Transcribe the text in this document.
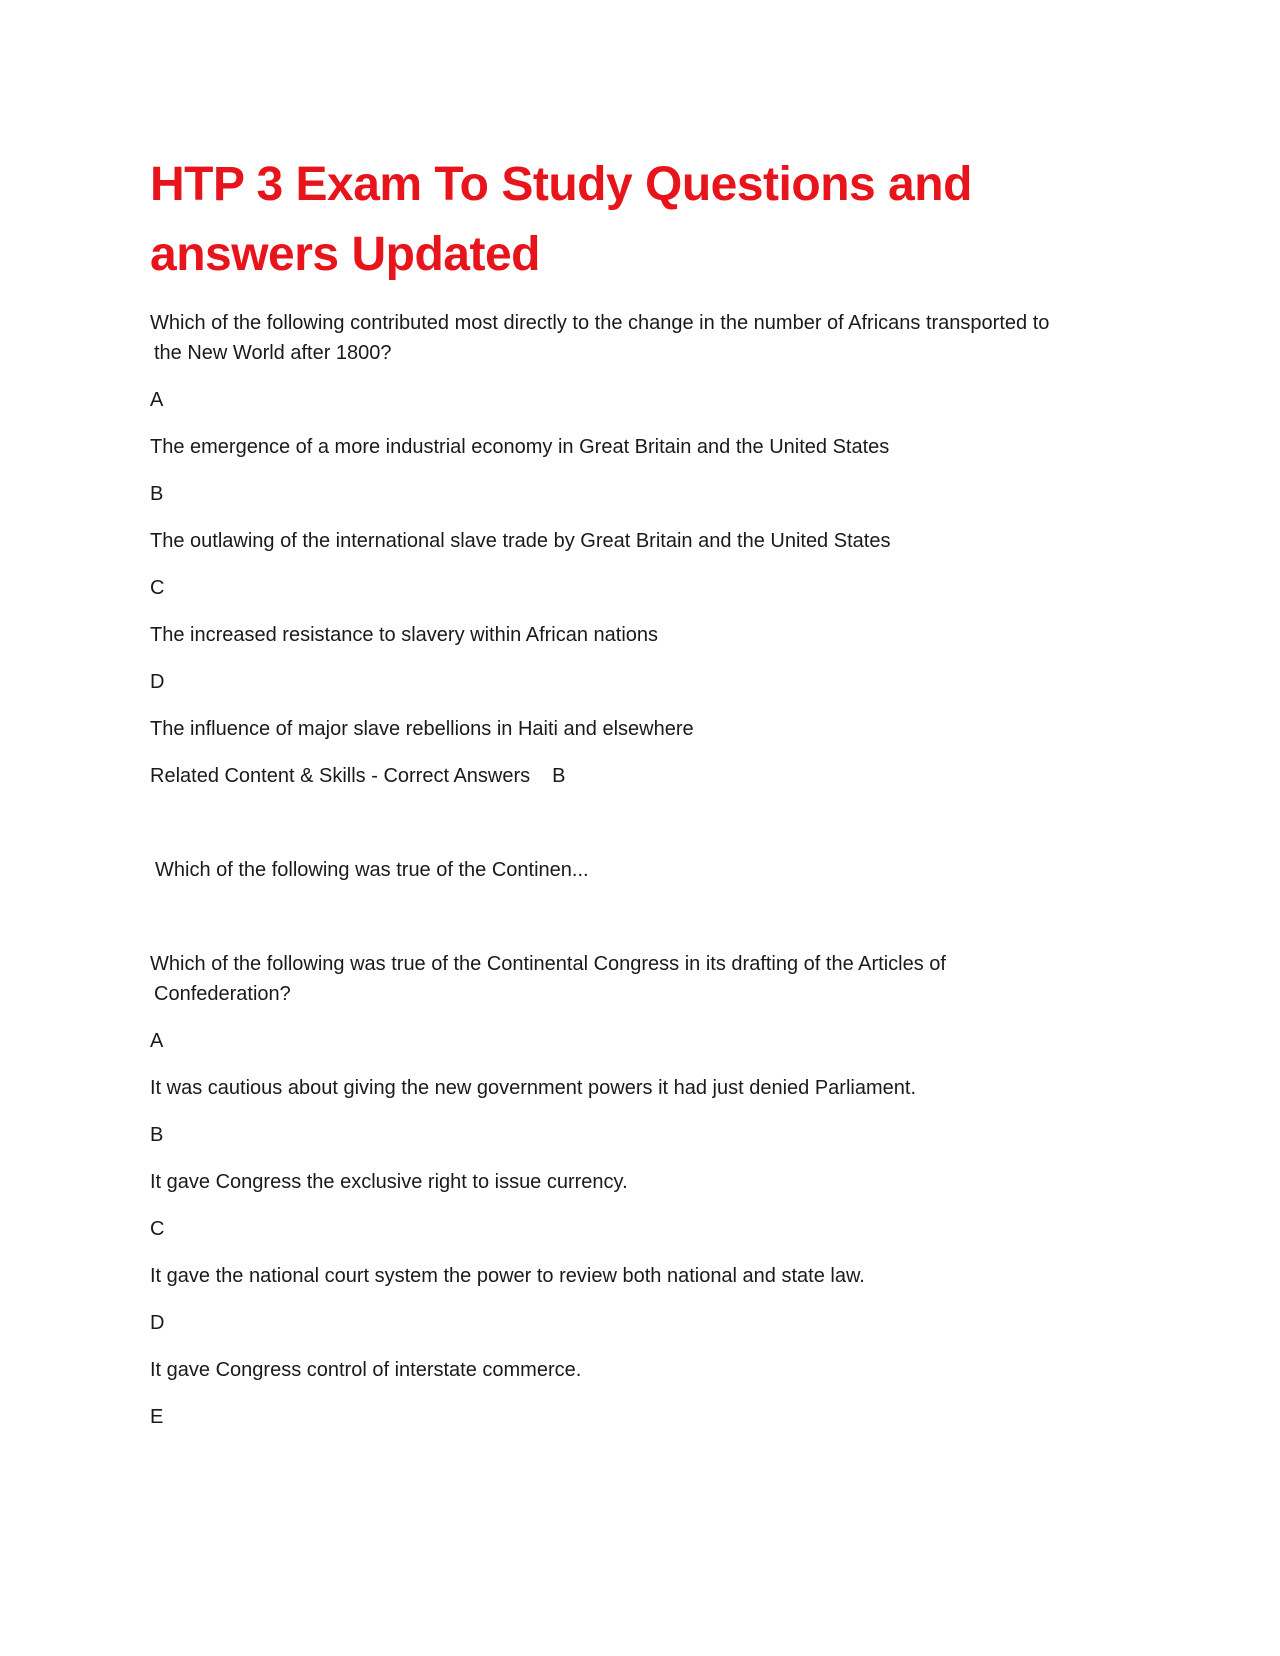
HTP 3 Exam To Study Questions and
answers Updated
Which of the following contributed most directly to the change in the number of Africans transported to
the New World after 1800?
A
The emergence of a more industrial economy in Great Britain and the United States
B
The outlawing of the international slave trade by Great Britain and the United States
C
The increased resistance to slavery within African nations
D
The influence of major slave rebellions in Haiti and elsewhere
Related Content & Skills - Correct Answers B
Which of the following was true of the Continen...
Which of the following was true of the Continental Congress in its drafting of the Articles of
Confederation?
A
It was cautious about giving the new government powers it had just denied Parliament.
B
It gave Congress the exclusive right to issue currency.
C
It gave the national court system the power to review both national and state law.
D
It gave Congress control of interstate commerce.
E
